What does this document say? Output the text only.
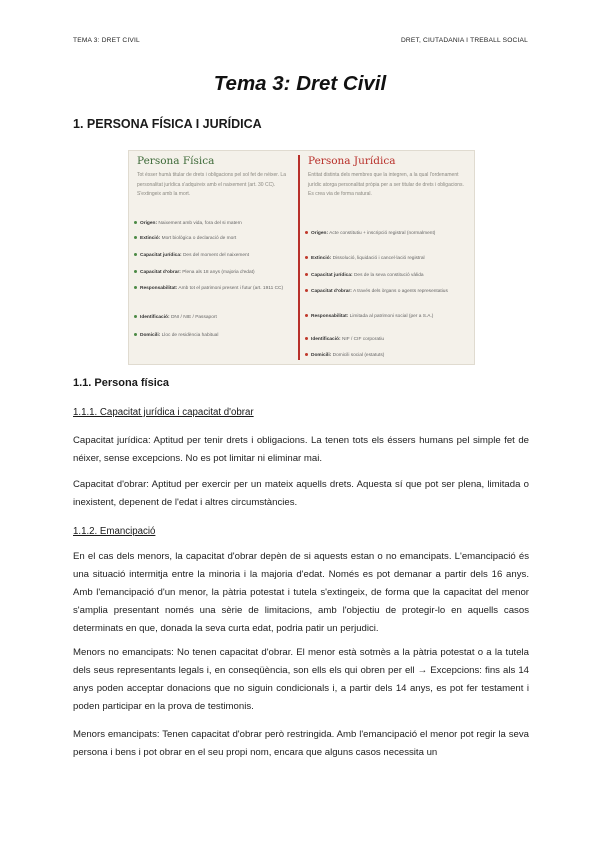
TEMA 3: DRET CIVIL	DRET, CIUTADANIA I TREBALL SOCIAL
Tema 3: Dret Civil
1. PERSONA FÍSICA I JURÍDICA
Persona Física
Tot ésser humà titular de drets i obligacions pel sol fet de néixer. La personalitat jurídica s'adquireix amb el naixement (art. 30 CC). S'extingeix amb la mort.
Origen: Naixement amb vida, fora del si matern
Extinció: Mort biològica o declaració de mort
Capacitat jurídica: Des del moment del naixement
Capacitat d'obrar: Plena als 18 anys (majoria d'edat)
Responsabilitat: Amb tot el patrimoni present i futur (art. 1911 CC)
Identificació: DNI / NIE / Passaport
Domicili: Lloc de residència habitual
Persona Jurídica
Entitat distinta dels membres que la integren, a la qual l'ordenament jurídic atorga personalitat pròpia per a ser titular de drets i obligacions. Es crea via de forma natural.
Origen: Acte constitutiu + inscripció registral (normalment)
Extinció: Dissolució, liquidació i cancel·lació registral
Capacitat jurídica: Des de la seva constitució vàlida
Capacitat d'obrar: A través dels òrgans o agents representatius
Responsabilitat: Limitada al patrimoni social (per a S.A.)
Identificació: NIF / CIF corporatiu
Domicili: Domicili social (estatuts)
1.1. Persona física
1.1.1. Capacitat jurídica i capacitat d'obrar

Capacitat jurídica: Aptitud per tenir drets i obligacions. La tenen tots els éssers humans pel simple fet de néixer, sense excepcions. No es pot limitar ni eliminar mai.

Capacitat d'obrar: Aptitud per exercir per un mateix aquells drets. Aquesta sí que pot ser plena, limitada o inexistent, depenent de l'edat i altres circumstàncies.

1.1.2. Emancipació

En el cas dels menors, la capacitat d'obrar depèn de si aquests estan o no emancipats. L'emancipació és una situació intermitja entre la minoria i la majoria d'edat. Només es pot demanar a partir dels 16 anys. Amb l'emancipació d'un menor, la pàtria potestat i tutela s'extingeix, de forma que la capacitat del menor s'amplia presentant només una sèrie de limitacions, amb l'objectiu de protegir-lo en aquells casos determinats en que, donada la seva curta edat, podria patir un perjudici.

Menors no emancipats: No tenen capacitat d'obrar. El menor està sotmès a la pàtria potestat o a la tutela dels seus representants legals i, en conseqüència, son ells els qui obren per ell → Excepcions: fins als 14 anys poden acceptar donacions que no siguin condicionals i, a partir dels 14 anys, es pot fer testament i poden participar en la prova de testimonis.

Menors emancipats: Tenen capacitat d'obrar però restringida. Amb l'emancipació el menor pot regir la seva persona i bens i pot obrar en el seu propi nom, encara que alguns casos necessita un
